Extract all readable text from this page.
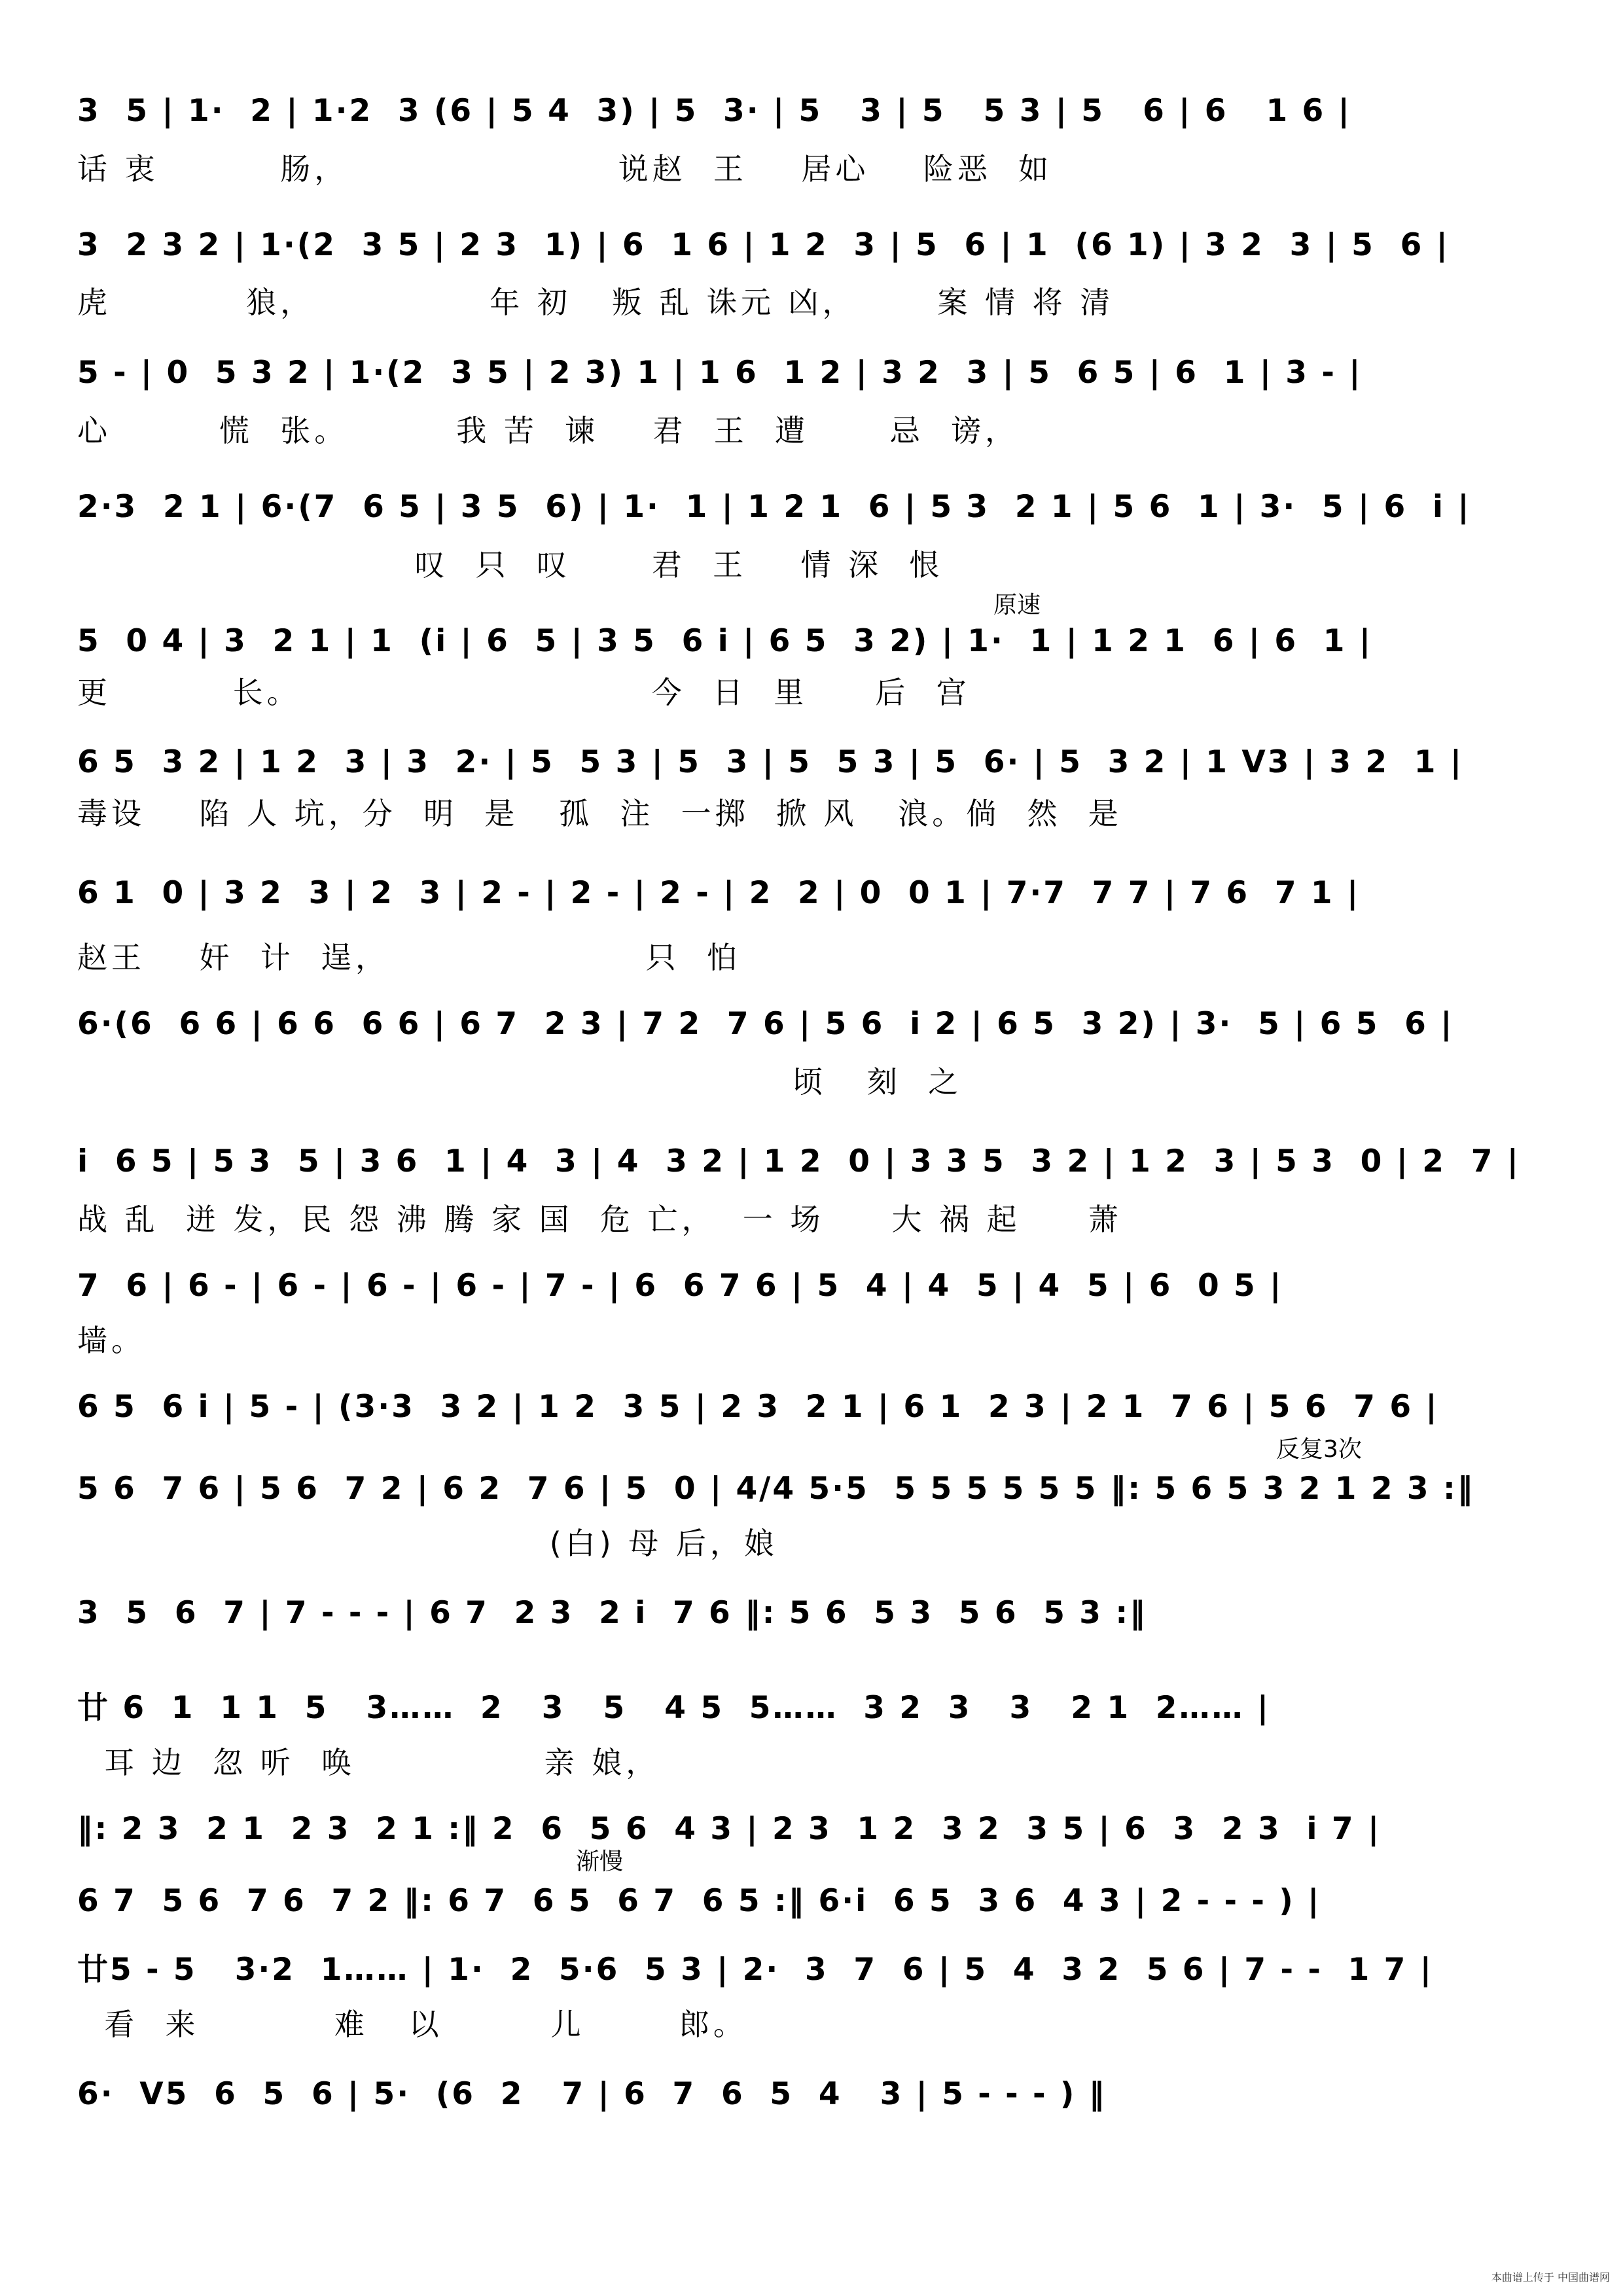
3  5 | 1·  2 | 1·2  3 (6 | 5 4  3) | 5  3· | 5   3 | 5   5 3 | 5   6 | 6   1 6 |
话 衷         肠，                    说赵  王    居心    险恶  如
3  2 3 2 | 1·(2  3 5 | 2 3  1) | 6  1 6 | 1 2  3 | 5  6 | 1  (6 1) | 3 2  3 | 5  6 |
虎          狼，             年 初   叛 乱 诛元 凶，      案 情 将 清
5 - | 0  5 3 2 | 1·(2  3 5 | 2 3) 1 | 1 6  1 2 | 3 2  3 | 5  6 5 | 6  1 | 3 - |
心        慌  张。        我 苦  谏    君  王  遭      忌  谤，
2·3  2 1 | 6·(7  6 5 | 3 5  6) | 1·  1 | 1 2 1  6 | 5 3  2 1 | 5 6  1 | 3·  5 | 6  i |
叹  只  叹      君  王    情 深  恨
原速
5  0 4 | 3  2 1 | 1  (i | 6  5 | 3 5  6 i | 6 5  3 2) | 1·  1 | 1 2 1  6 | 6  1 |
更         长。                          今  日  里     后  宫
6 5  3 2 | 1 2  3 | 3  2· | 5  5 3 | 5  3 | 5  5 3 | 5  6· | 5  3 2 | 1 V3 | 3 2  1 |
毒设    陷 人 坑，分  明  是   孤  注  一掷  掀 风   浪。倘  然  是
6 1  0 | 3 2  3 | 2  3 | 2 - | 2 - | 2 - | 2  2 | 0  0 1 | 7·7  7 7 | 7 6  7 1 |
赵王    奸  计  逞，                   只  怕
6·(6  6 6 | 6 6  6 6 | 6 7  2 3 | 7 2  7 6 | 5 6  i 2 | 6 5  3 2) | 3·  5 | 6 5  6 |
顷   刻  之
i  6 5 | 5 3  5 | 3 6  1 | 4  3 | 4  3 2 | 1 2  0 | 3 3 5  3 2 | 1 2  3 | 5 3  0 | 2  7 |
战 乱  迸 发，民 怨 沸 腾 家 国  危 亡，  一 场     大 祸 起     萧
7  6 | 6 - | 6 - | 6 - | 6 - | 7 - | 6  6 7 6 | 5  4 | 4  5 | 4  5 | 6  0 5 |
墙。
6 5  6 i | 5 - | (3·3  3 2 | 1 2  3 5 | 2 3  2 1 | 6 1  2 3 | 2 1  7 6 | 5 6  7 6 |
反复3次
5 6  7 6 | 5 6  7 2 | 6 2  7 6 | 5  0 | 4/4 5·5  5 5 5 5 5 5 ‖: 5 6 5 3 2 1 2 3 :‖
(白) 母 后，娘
3  5  6  7 | 7 - - - | 6 7  2 3  2 i  7 6 ‖: 5 6  5 3  5 6  5 3 :‖
廿 6  1  1 1  5   3……  2   3   5   4 5  5……  3 2  3   3   2 1  2…… |
耳 边  忽 听  唤              亲 娘，
‖: 2 3  2 1  2 3  2 1 :‖ 2  6  5 6  4 3 | 2 3  1 2  3 2  3 5 | 6  3  2 3  i 7 |
渐慢
6 7  5 6  7 6  7 2 ‖: 6 7  6 5  6 7  6 5 :‖ 6·i  6 5  3 6  4 3 | 2 - - - ) |
廿5 - 5   3·2  1…… | 1·  2  5·6  5 3 | 2·  3  7  6 | 5  4  3 2  5 6 | 7 - -  1 7 |
看  来          难   以        儿       郎。
6·  V5  6  5  6 | 5·  (6  2   7 | 6  7  6  5  4   3 | 5 - - - ) ‖
本曲谱上传于 中国曲谱网
